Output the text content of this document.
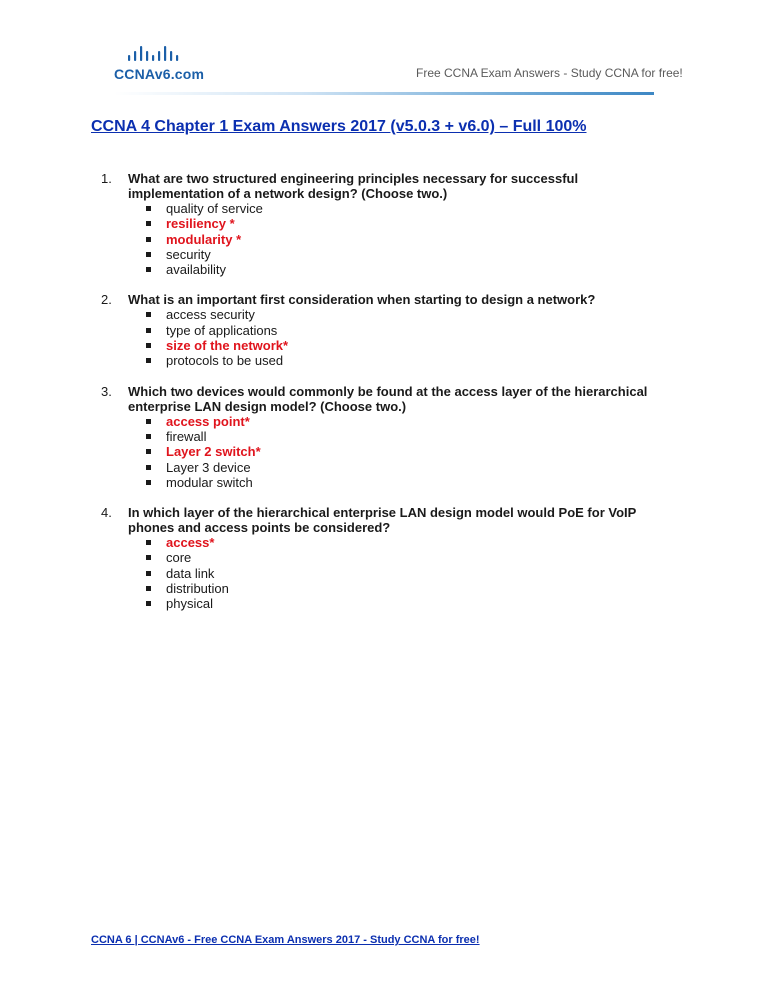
CCNAv6.com	Free CCNA Exam Answers - Study CCNA for free!
CCNA 4 Chapter 1 Exam Answers 2017 (v5.0.3 + v6.0) – Full 100%
1. What are two structured engineering principles necessary for successful implementation of a network design? (Choose two.)
quality of service
resiliency *
modularity *
security
availability
2. What is an important first consideration when starting to design a network?
access security
type of applications
size of the network*
protocols to be used
3. Which two devices would commonly be found at the access layer of the hierarchical enterprise LAN design model? (Choose two.)
access point*
firewall
Layer 2 switch*
Layer 3 device
modular switch
4. In which layer of the hierarchical enterprise LAN design model would PoE for VoIP phones and access points be considered?
access*
core
data link
distribution
physical
CCNA 6 | CCNAv6 - Free CCNA Exam Answers 2017 - Study CCNA for free!
